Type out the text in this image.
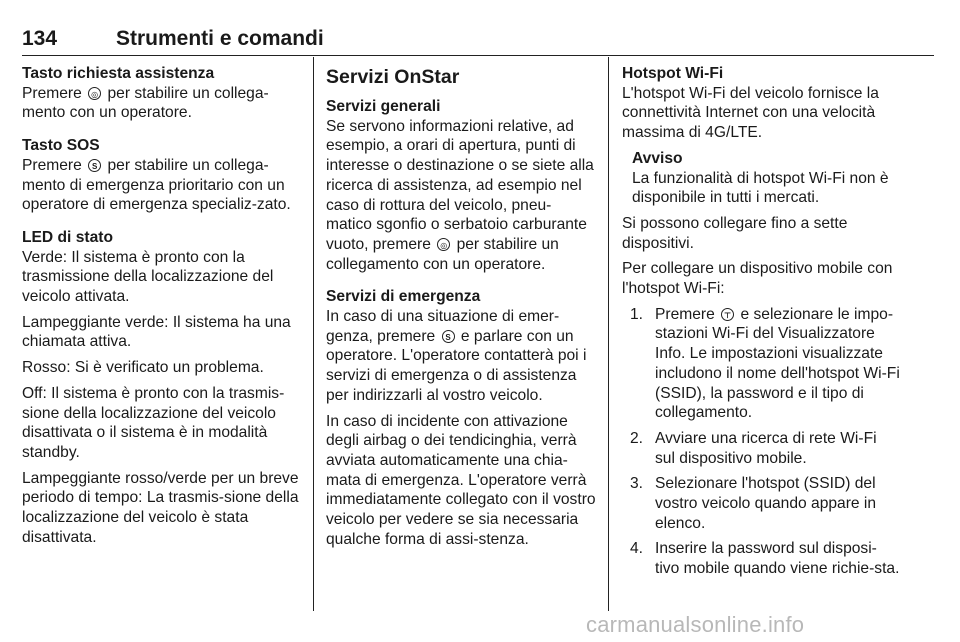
134	Strumenti e comandi

Tasto richiesta assistenza

Premere ◎ per stabilire un collega-mento con un operatore.

Tasto SOS

Premere S per stabilire un collega-mento di emergenza prioritario con un operatore di emergenza specializ-zato.

LED di stato

Verde: Il sistema è pronto con la trasmissione della localizzazione del veicolo attivata.

Lampeggiante verde: Il sistema ha una chiamata attiva.

Rosso: Si è verificato un problema.

Off: Il sistema è pronto con la trasmis-sione della localizzazione del veicolo disattivata o il sistema è in modalità standby.

Lampeggiante rosso/verde per un breve periodo di tempo: La trasmis-sione della localizzazione del veicolo è stata disattivata.

Servizi OnStar

Servizi generali

Se servono informazioni relative, ad esempio, a orari di apertura, punti di interesse o destinazione o se siete alla ricerca di assistenza, ad esempio nel caso di rottura del veicolo, pneu-matico sgonfio o serbatoio carburante vuoto, premere ◎ per stabilire un collegamento con un operatore.

Servizi di emergenza

In caso di una situazione di emer-genza, premere S e parlare con un operatore. L'operatore contatterà poi i servizi di emergenza o di assistenza per indirizzarli al vostro veicolo.

In caso di incidente con attivazione degli airbag o dei tendicinghia, verrà avviata automaticamente una chia-mata di emergenza. L'operatore verrà immediatamente collegato con il vostro veicolo per vedere se sia necessaria qualche forma di assi-stenza.

Hotspot Wi-Fi

L'hotspot Wi-Fi del veicolo fornisce la connettività Internet con una velocità massima di 4G/LTE.

Avviso

La funzionalità di hotspot Wi-Fi non è disponibile in tutti i mercati.

Si possono collegare fino a sette dispositivi.

Per collegare un dispositivo mobile con l'hotspot Wi-Fi:

1. Premere ⊤ e selezionare le impo-stazioni Wi-Fi del Visualizzatore Info. Le impostazioni visualizzate includono il nome dell'hotspot Wi-Fi (SSID), la password e il tipo di collegamento.
2. Avviare una ricerca di rete Wi-Fi sul dispositivo mobile.
3. Selezionare l'hotspot (SSID) del vostro veicolo quando appare in elenco.
4. Inserire la password sul disposi-tivo mobile quando viene richie-sta.
carmanualsonline.info
